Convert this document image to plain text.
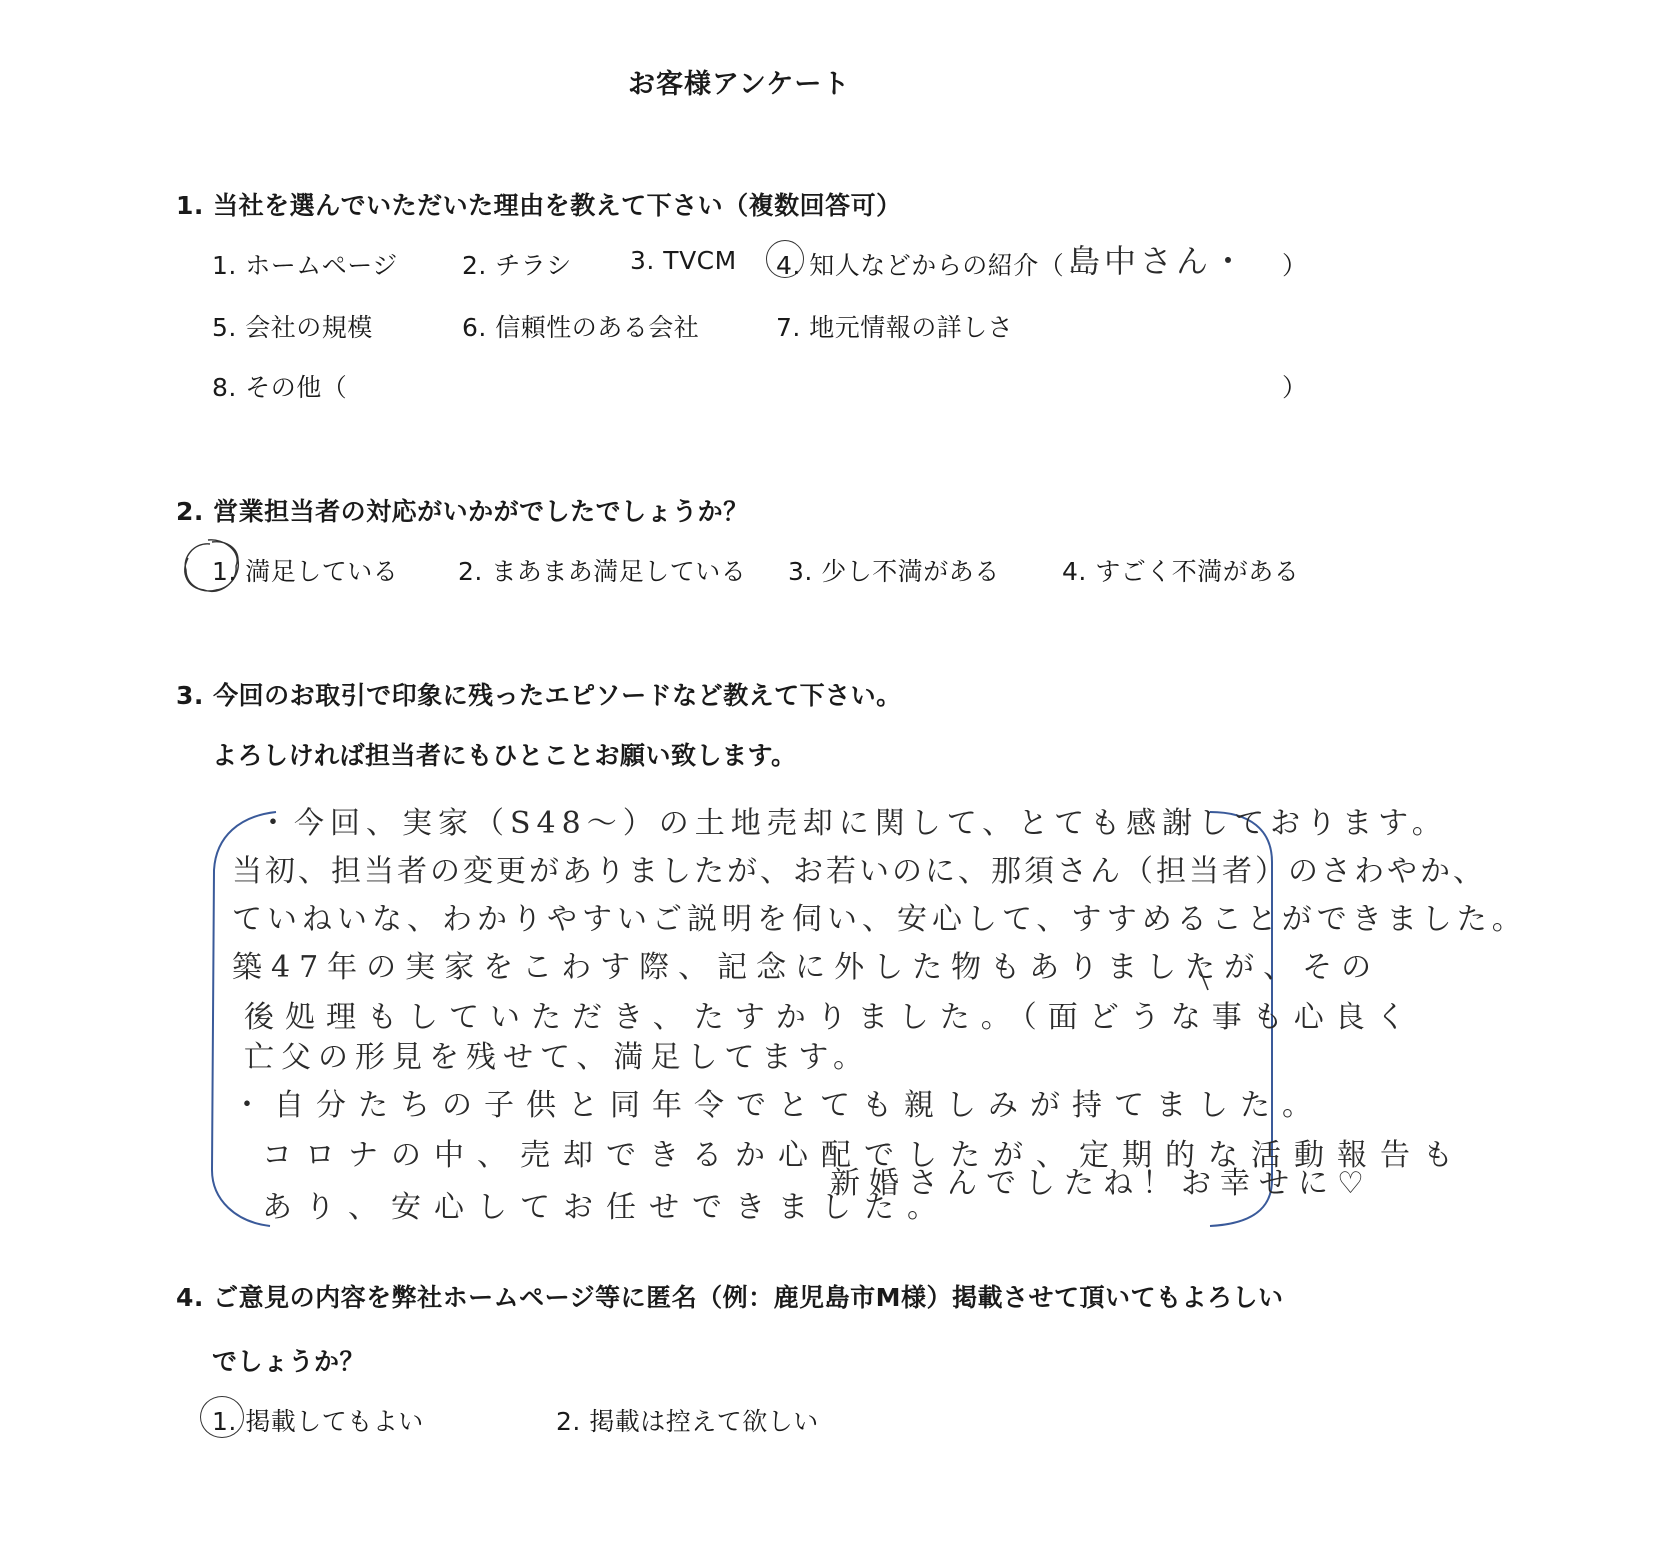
お客様アンケート
1. 当社を選んでいただいた理由を教えて下さい（複数回答可）
1. ホームページ	2. チラシ 3. TVCM 4. 知人などからの紹介（ 島中さん・ ）
5. 会社の規模	6. 信頼性のある会社	7. 地元情報の詳しさ
8. その他（	）
2. 営業担当者の対応がいかがでしたでしょうか？
1. 満足している 2. まあまあ満足している 3. 少し不満がある 4. すごく不満がある
3. 今回のお取引で印象に残ったエピソードなど教えて下さい。
よろしければ担当者にもひとことお願い致します。
・今回、実家（S48～）の土地売却に関して、とても感謝しております。
当初、担当者の変更がありましたが、お若いのに、那須さん（担当者）のさわやか、
ていねいな、わかりやすいご説明を伺い、安心して、すすめることができました。
築47年の実家をこわす際、記念に外した物もありましたが、その
後処理もしていただき、たすかりました。（面どうな事も心良く
亡父の形見を残せて、満足してます。
・自分たちの子供と同年令でとても親しみが持てました。
コロナの中、売却できるか心配でしたが、定期的な活動報告も
あり、安心してお任せできました。
新婚さんでしたね！お幸せに♡
4. ご意見の内容を弊社ホームページ等に匿名（例：鹿児島市M様）掲載させて頂いてもよろしい
でしょうか？
1. 掲載してもよい	2. 掲載は控えて欲しい
